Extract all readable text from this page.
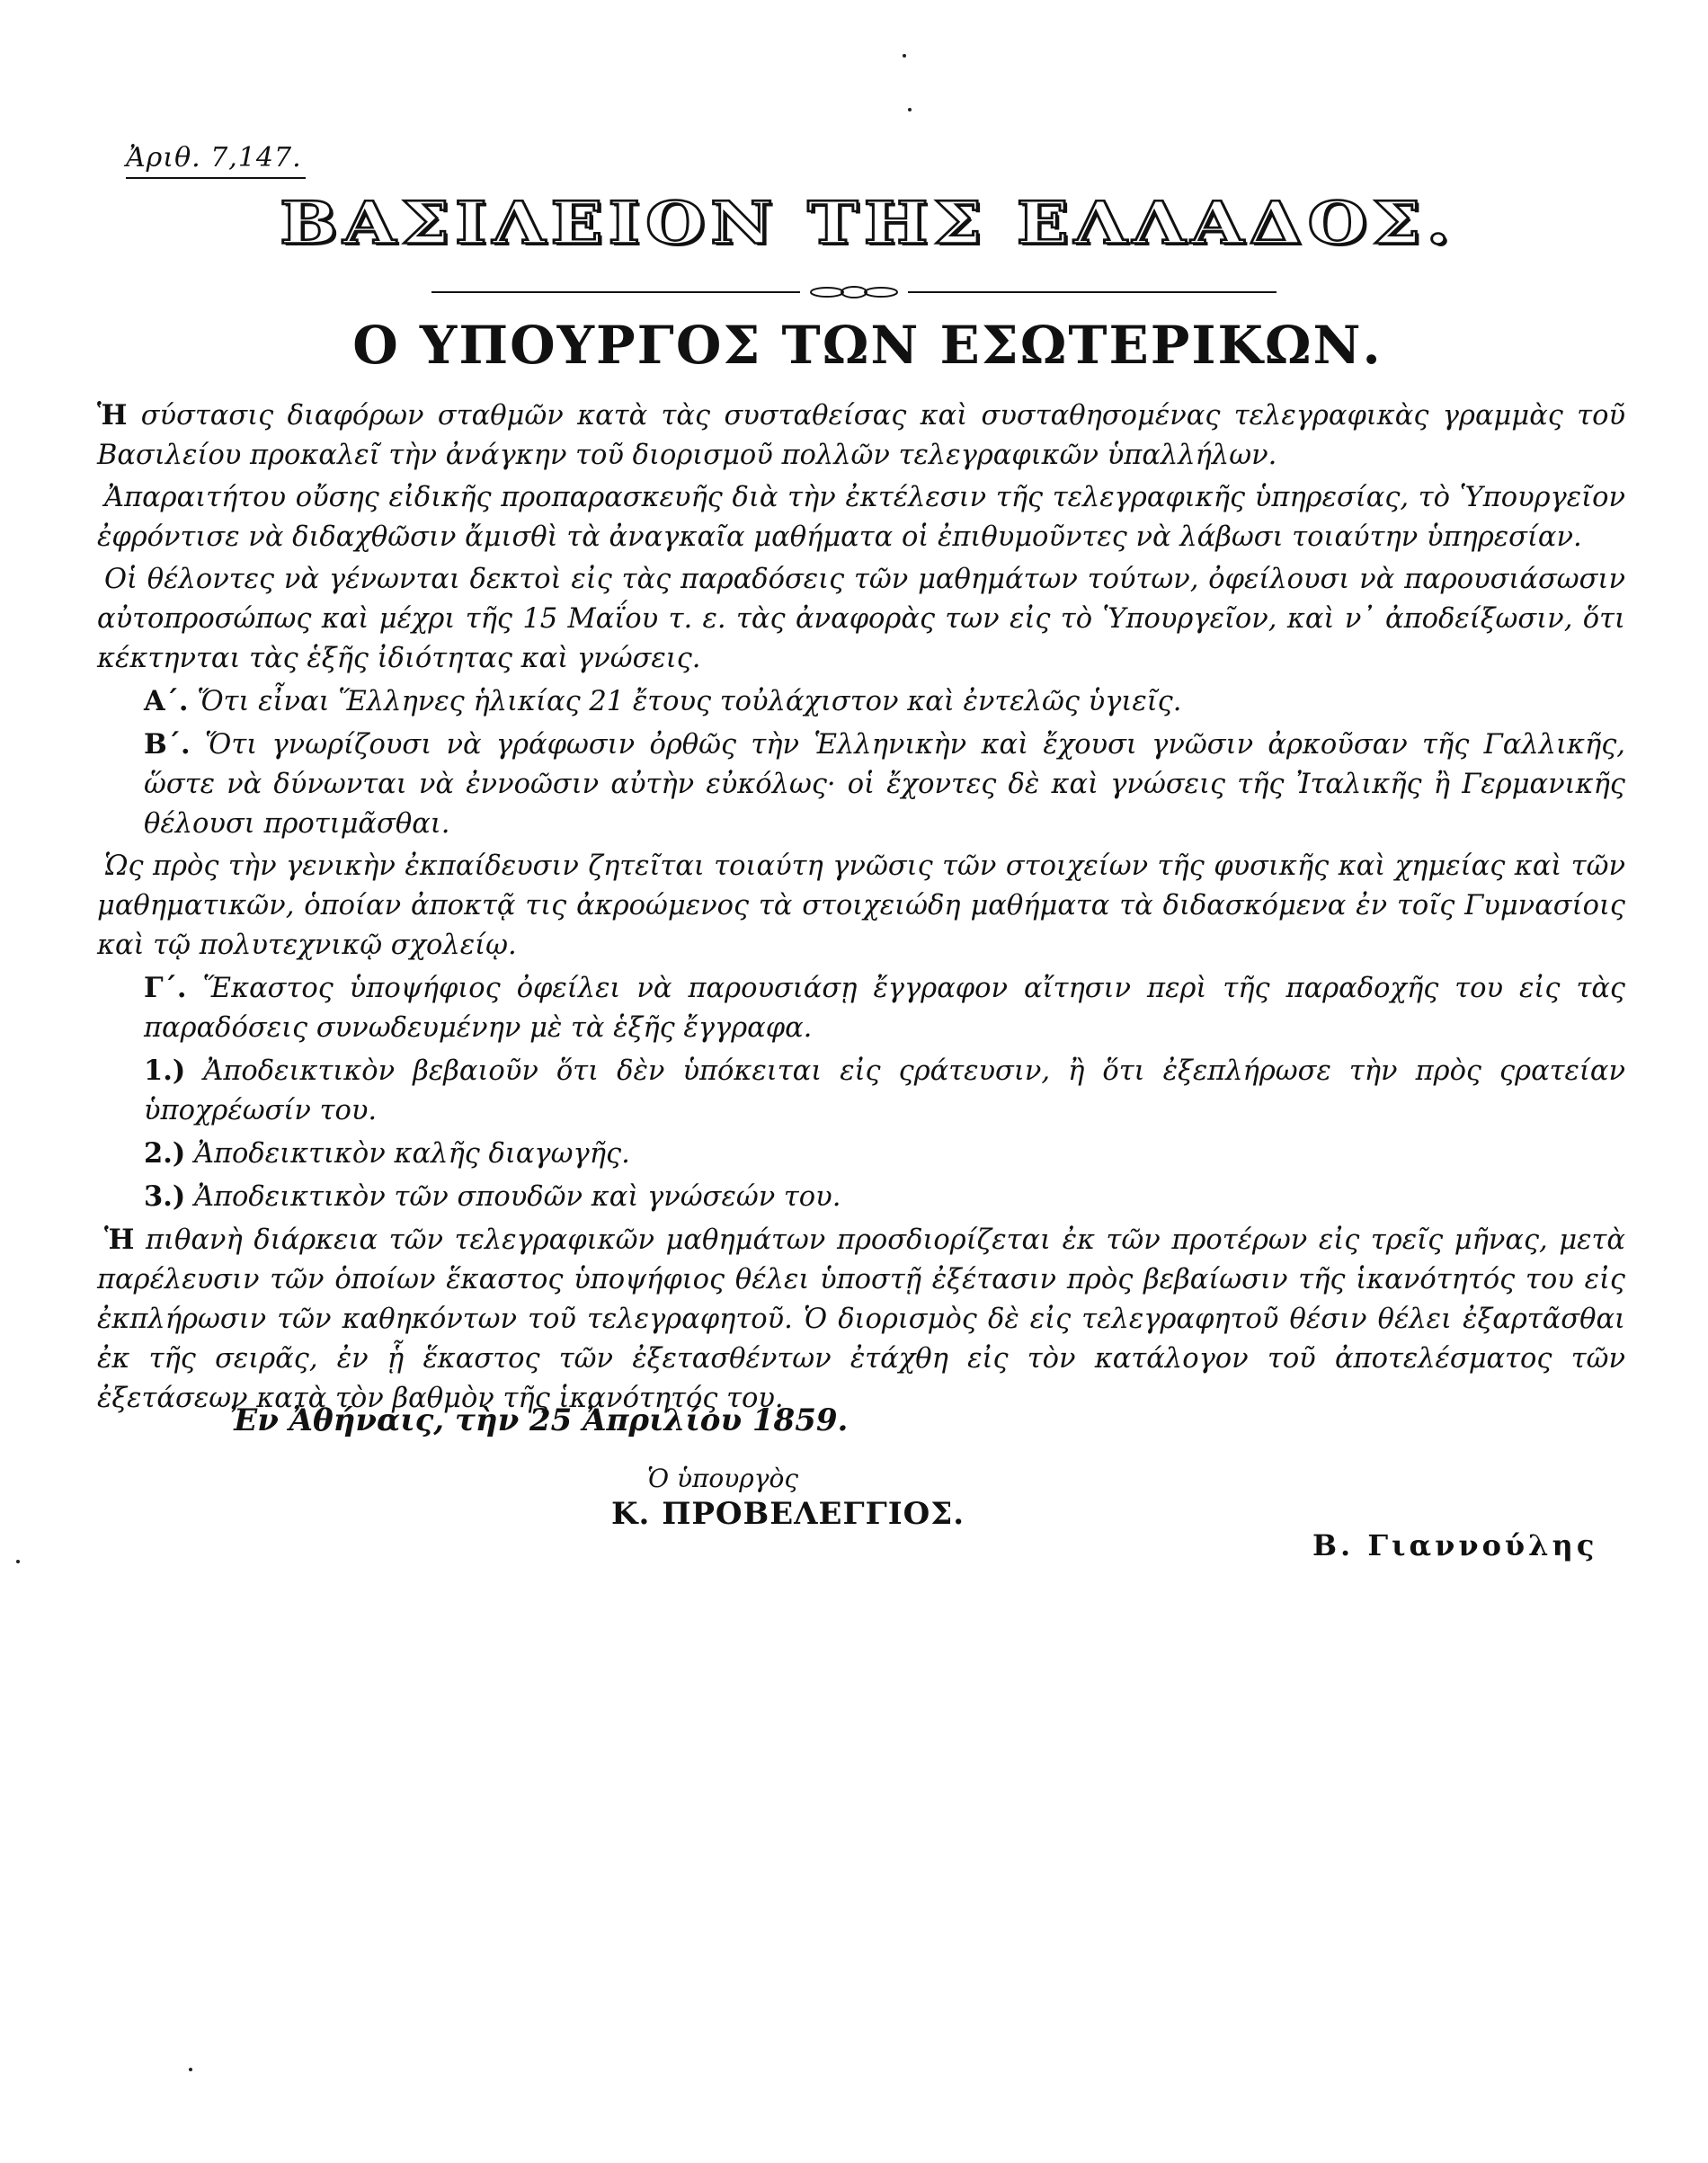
Ἀριθ. 7,147.
ΒΑΣΙΛΕΙΟΝ ΤΗΣ ΕΛΛΑΔΟΣ.
Ο ΥΠΟΥΡΓΟΣ ΤΩΝ ΕΣΩΤΕΡΙΚΩΝ.

Ἡ σύστασις διαφόρων σταθμῶν κατὰ τὰς συσταθείσας καὶ συσταθησομένας τελεγραφικὰς γραμμὰς τοῦ Βασιλείου προκαλεῖ τὴν ἀνάγκην τοῦ διορισμοῦ πολλῶν τελεγραφικῶν ὑπαλλήλων.

Ἀπαραιτήτου οὔσης εἰδικῆς προπαρασκευῆς διὰ τὴν ἐκτέλεσιν τῆς τελεγραφικῆς ὑπηρεσίας, τὸ Ὑπουργεῖον ἐφρόντισε νὰ διδαχθῶσιν ἄμισθὶ τὰ ἀναγκαῖα μαθήματα οἱ ἐπιθυμοῦντες νὰ λάβωσι τοιαύτην ὑπηρεσίαν.

Οἱ θέλοντες νὰ γένωνται δεκτοὶ εἰς τὰς παραδόσεις τῶν μαθημάτων τούτων, ὀφείλουσι νὰ παρουσιάσωσιν αὐτοπροσώπως καὶ μέχρι τῆς 15 Μαΐου τ. ε. τὰς ἀναφορὰς των εἰς τὸ Ὑπουργεῖον, καὶ ν᾽ ἀποδείξωσιν, ὅτι κέκτηνται τὰς ἑξῆς ἰδιότητας καὶ γνώσεις.

Α΄. Ὅτι εἶναι Ἕλληνες ἡλικίας 21 ἔτους τοὐλάχιστον καὶ ἐντελῶς ὑγιεῖς.

Β΄. Ὅτι γνωρίζουσι νὰ γράφωσιν ὀρθῶς τὴν Ἑλληνικὴν καὶ ἔχουσι γνῶσιν ἀρκοῦσαν τῆς Γαλλικῆς, ὥστε νὰ δύνωνται νὰ ἐννοῶσιν αὐτὴν εὐκόλως· οἱ ἔχοντες δὲ καὶ γνώσεις τῆς Ἰταλικῆς ἢ Γερμανικῆς θέλουσι προτιμᾶσθαι.

Ὡς πρὸς τὴν γενικὴν ἐκπαίδευσιν ζητεῖται τοιαύτη γνῶσις τῶν στοιχείων τῆς φυσικῆς καὶ χημείας καὶ τῶν μαθηματικῶν, ὁποίαν ἀποκτᾷ τις ἀκροώμενος τὰ στοιχειώδη μαθήματα τὰ διδασκόμενα ἐν τοῖς Γυμνασίοις καὶ τῷ πολυτεχνικῷ σχολείῳ.

Γ΄. Ἕκαστος ὑποψήφιος ὀφείλει νὰ παρουσιάσῃ ἔγγραφον αἴτησιν περὶ τῆς παραδοχῆς του εἰς τὰς παραδόσεις συνωδευμένην μὲ τὰ ἑξῆς ἔγγραφα.

1.) Ἀποδεικτικὸν βεβαιοῦν ὅτι δὲν ὑπόκειται εἰς ςράτευσιν, ἢ ὅτι ἐξεπλήρωσε τὴν πρὸς ςρατείαν ὑποχρέωσίν του.

2.) Ἀποδεικτικὸν καλῆς διαγωγῆς.

3.) Ἀποδεικτικὸν τῶν σπουδῶν καὶ γνώσεών του.

Ἡ πιθανὴ διάρκεια τῶν τελεγραφικῶν μαθημάτων προσδιορίζεται ἐκ τῶν προτέρων εἰς τρεῖς μῆνας, μετὰ παρέλευσιν τῶν ὁποίων ἕκαστος ὑποψήφιος θέλει ὑποστῇ ἐξέτασιν πρὸς βεβαίωσιν τῆς ἱκανότητός του εἰς ἐκπλήρωσιν τῶν καθηκόντων τοῦ τελεγραφητοῦ. Ὁ διορισμὸς δὲ εἰς τελεγραφητοῦ θέσιν θέλει ἐξαρτᾶσθαι ἐκ τῆς σειρᾶς, ἐν ᾗ ἕκαστος τῶν ἐξετασθέντων ἐτάχθη εἰς τὸν κατάλογον τοῦ ἀποτελέσματος τῶν ἐξετάσεων κατὰ τὸν βαθμὸν τῆς ἱκανότητός του.

Ἐν Ἀθήναις, τὴν 25 Ἀπριλίου 1859.
Ὁ ὑπουργὸς
Κ. ΠΡΟΒΕΛΕΓΓΙΟΣ.
Β. Γιαννούλης
